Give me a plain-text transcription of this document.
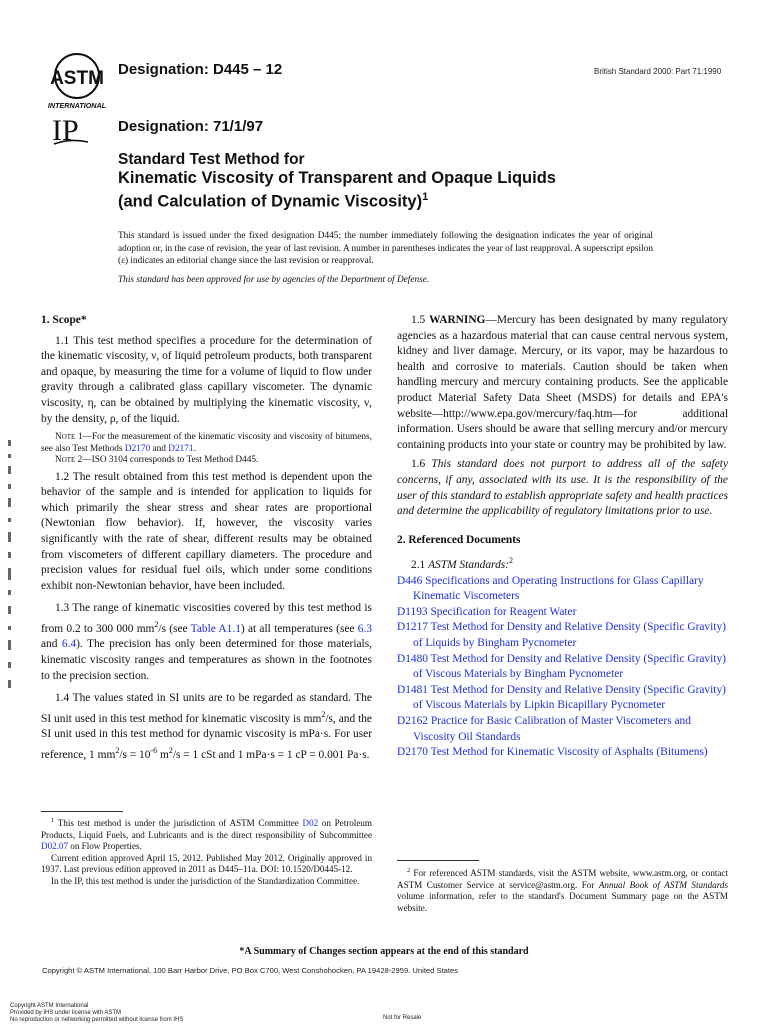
ASTM
INTERNATIONAL
IP
Designation: D445 – 12	British Standard 2000: Part 71:1990
Designation: 71/1/97
Standard Test Method for
Kinematic Viscosity of Transparent and Opaque Liquids
(and Calculation of Dynamic Viscosity)$^1$

This standard is issued under the fixed designation D445; the number immediately following the designation indicates the year of original adoption or, in the case of revision, the year of last revision. A number in parentheses indicates the year of last reapproval. A superscript epsilon (ε) indicates an editorial change since the last revision or reapproval.

This standard has been approved for use by agencies of the Department of Defense.

1. Scope*

1.1 This test method specifies a procedure for the determination of the kinematic viscosity, ν, of liquid petroleum products, both transparent and opaque, by measuring the time for a volume of liquid to flow under gravity through a calibrated glass capillary viscometer. The dynamic viscosity, η, can be obtained by multiplying the kinematic viscosity, ν, by the density, ρ, of the liquid.

Note 1—For the measurement of the kinematic viscosity and viscosity of bitumens, see also Test Methods D2170 and D2171.

Note 2—ISO 3104 corresponds to Test Method D445.

1.2 The result obtained from this test method is dependent upon the behavior of the sample and is intended for application to liquids for which primarily the shear stress and shear rates are proportional (Newtonian flow behavior). If, however, the viscosity varies significantly with the rate of shear, different results may be obtained from viscometers of different capillary diameters. The procedure and precision values for residual fuel oils, which under some conditions exhibit non-Newtonian behavior, have been included.

1.3 The range of kinematic viscosities covered by this test method is from 0.2 to 300 000 $mm^2/s$ (see Table A1.1) at all temperatures (see 6.3 and 6.4). The precision has only been determined for those materials, kinematic viscosity ranges and temperatures as shown in the footnotes to the precision section.

1.4 The values stated in SI units are to be regarded as standard. The SI unit used in this test method for kinematic viscosity is $mm^2/s$, and the SI unit used in this test method for dynamic viscosity is mPa·s. For user reference, 1 $mm^2/s = 10^{-6}$ $m^2/s = 1$ cSt and 1 mPa·s = 1 cP = 0.001 Pa·s.

$^1$ This test method is under the jurisdiction of ASTM Committee D02 on Petroleum Products, Liquid Fuels, and Lubricants and is the direct responsibility of Subcommittee D02.07 on Flow Properties.

Current edition approved April 15, 2012. Published May 2012. Originally approved in 1937. Last previous edition approved in 2011 as D445–11a. DOI: 10.1520/D0445-12.

In the IP, this test method is under the jurisdiction of the Standardization Committee.

1.5 WARNING—Mercury has been designated by many regulatory agencies as a hazardous material that can cause central nervous system, kidney and liver damage. Mercury, or its vapor, may be hazardous to health and corrosive to materials. Caution should be taken when handling mercury and mercury containing products. See the applicable product Material Safety Data Sheet (MSDS) for details and EPA's website—http://www.epa.gov/mercury/faq.htm—for additional information. Users should be aware that selling mercury and/or mercury containing products into your state or country may be prohibited by law.

1.6 This standard does not purport to address all of the safety concerns, if any, associated with its use. It is the responsibility of the user of this standard to establish appropriate safety and health practices and determine the applicability of regulatory limitations prior to use.

2. Referenced Documents

2.1 ASTM Standards:$^2$

D446 Specifications and Operating Instructions for Glass Capillary Kinematic Viscometers

D1193 Specification for Reagent Water

D1217 Test Method for Density and Relative Density (Specific Gravity) of Liquids by Bingham Pycnometer

D1480 Test Method for Density and Relative Density (Specific Gravity) of Viscous Materials by Bingham Pycnometer

D1481 Test Method for Density and Relative Density (Specific Gravity) of Viscous Materials by Lipkin Bicapillary Pycnometer

D2162 Practice for Basic Calibration of Master Viscometers and Viscosity Oil Standards

D2170 Test Method for Kinematic Viscosity of Asphalts (Bitumens)

$^2$ For referenced ASTM standards, visit the ASTM website, www.astm.org, or contact ASTM Customer Service at service@astm.org. For Annual Book of ASTM Standards volume information, refer to the standard's Document Summary page on the ASTM website.

*A Summary of Changes section appears at the end of this standard
Copyright © ASTM International, 100 Barr Harbor Drive, PO Box C700, West Conshohocken, PA 19428-2959. United States
Copyright ASTM International
Provided by IHS under license with ASTM
No reproduction or networking permitted without license from IHS	Not for Resale
